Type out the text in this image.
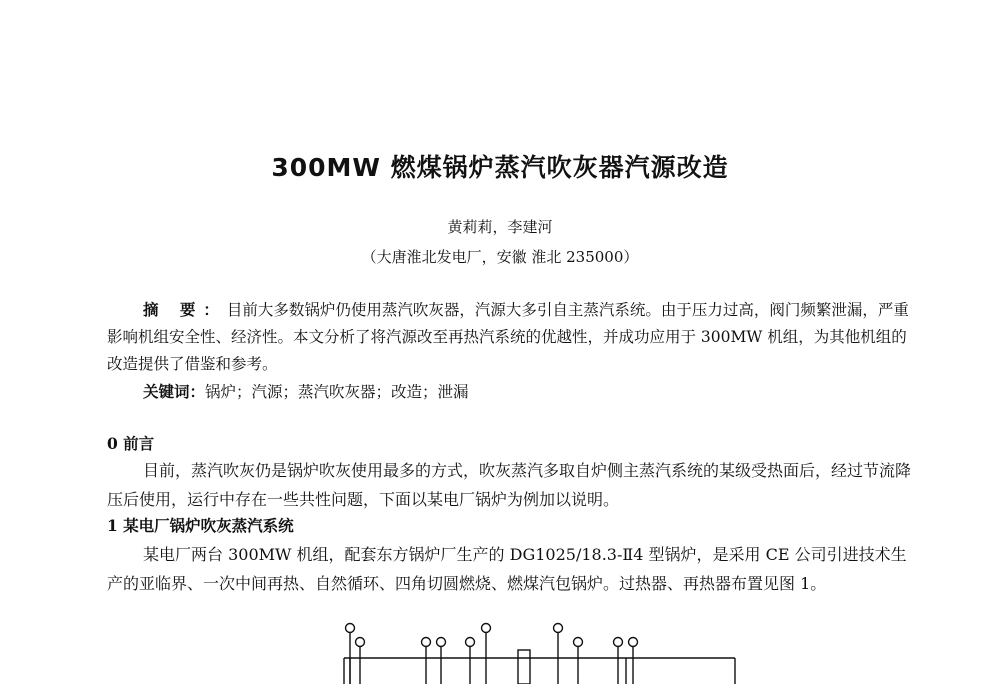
300MW 燃煤锅炉蒸汽吹灰器汽源改造
黄莉莉，李建河
（大唐淮北发电厂，安徽 淮北 235000）

摘 要：目前大多数锅炉仍使用蒸汽吹灰器，汽源大多引自主蒸汽系统。由于压力过高，阀门频繁泄漏，严重影响机组安全性、经济性。本文分析了将汽源改至再热汽系统的优越性，并成功应用于 300MW 机组，为其他机组的改造提供了借鉴和参考。

关键词：锅炉；汽源；蒸汽吹灰器；改造；泄漏

0 前言

目前，蒸汽吹灰仍是锅炉吹灰使用最多的方式，吹灰蒸汽多取自炉侧主蒸汽系统的某级受热面后，经过节流降压后使用，运行中存在一些共性问题，下面以某电厂锅炉为例加以说明。

1 某电厂锅炉吹灰蒸汽系统

某电厂两台 300MW 机组，配套东方锅炉厂生产的 DG1025/18.3-Ⅱ4 型锅炉，是采用 CE 公司引进技术生产的亚临界、一次中间再热、自然循环、四角切圆燃烧、燃煤汽包锅炉。过热器、再热器布置见图 1。
